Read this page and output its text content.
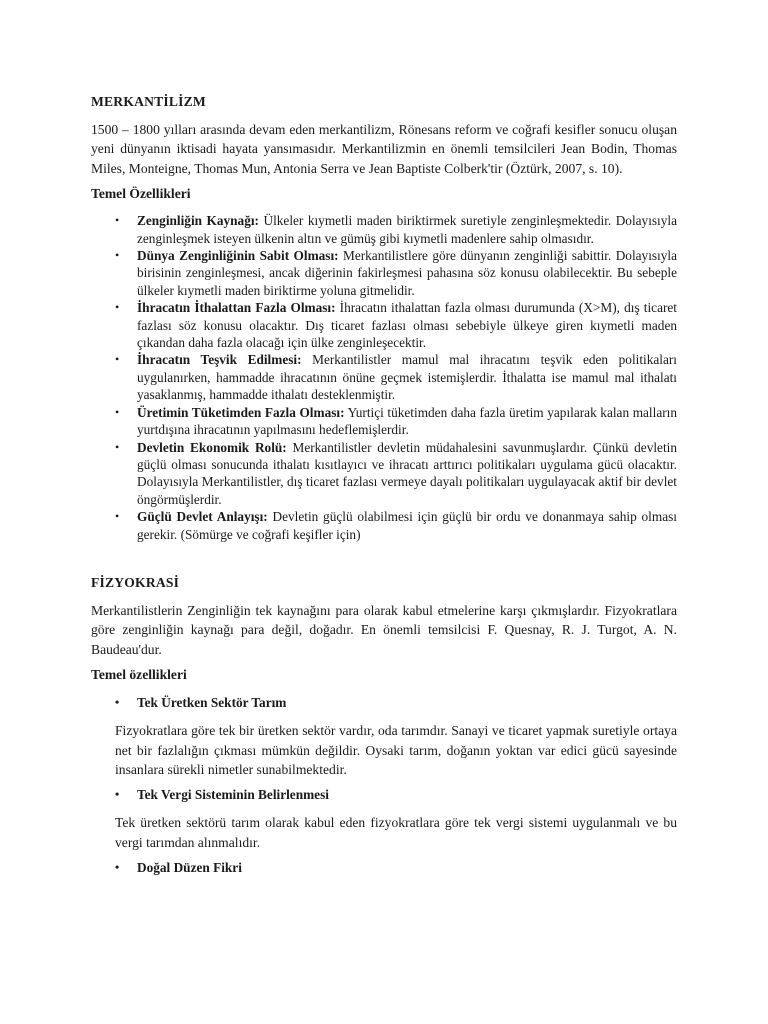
MERKANTİLİZM

1500 – 1800 yılları arasında devam eden merkantilizm, Rönesans reform ve coğrafi kesifler sonucu oluşan yeni dünyanın iktisadi hayata yansımasıdır. Merkantilizmin en önemli temsilcileri Jean Bodin, Thomas Miles, Monteigne, Thomas Mun, Antonia Serra ve Jean Baptiste Colberk'tir (Öztürk, 2007, s. 10).

Temel Özellikleri

• Zenginliğin Kaynağı: Ülkeler kıymetli maden biriktirmek suretiyle zenginleşmektedir. Dolayısıyla zenginleşmek isteyen ülkenin altın ve gümüş gibi kıymetli madenlere sahip olmasıdır.
• Dünya Zenginliğinin Sabit Olması: Merkantilistlere göre dünyanın zenginliği sabittir. Dolayısıyla birisinin zenginleşmesi, ancak diğerinin fakirleşmesi pahasına söz konusu olabilecektir. Bu sebeple ülkeler kıymetli maden biriktirme yoluna gitmelidir.
• İhracatın İthalattan Fazla Olması: İhracatın ithalattan fazla olması durumunda (X>M), dış ticaret fazlası söz konusu olacaktır. Dış ticaret fazlası olması sebebiyle ülkeye giren kıymetli maden çıkandan daha fazla olacağı için ülke zenginleşecektir.
• İhracatın Teşvik Edilmesi: Merkantilistler mamul mal ihracatını teşvik eden politikaları uygulanırken, hammadde ihracatının önüne geçmek istemişlerdir. İthalatta ise mamul mal ithalatı yasaklanmış, hammadde ithalatı desteklenmiştir.
• Üretimin Tüketimden Fazla Olması: Yurtiçi tüketimden daha fazla üretim yapılarak kalan malların yurtdışına ihracatının yapılmasını hedeflemişlerdir.
• Devletin Ekonomik Rolü: Merkantilistler devletin müdahalesini savunmuşlardır. Çünkü devletin güçlü olması sonucunda ithalatı kısıtlayıcı ve ihracatı arttırıcı politikaları uygulama gücü olacaktır. Dolayısıyla Merkantilistler, dış ticaret fazlası vermeye dayalı politikaları uygulayacak aktif bir devlet öngörmüşlerdir.
• Güçlü Devlet Anlayışı: Devletin güçlü olabilmesi için güçlü bir ordu ve donanmaya sahip olması gerekir. (Sömürge ve coğrafi keşifler için)
FİZYOKRASİ

Merkantilistlerin Zenginliğin tek kaynağını para olarak kabul etmelerine karşı çıkmışlardır. Fizyokratlara göre zenginliğin kaynağı para değil, doğadır. En önemli temsilcisi F. Quesnay, R. J. Turgot, A. N. Baudeau'dur.

Temel özellikleri

• Tek Üretken Sektör Tarım

Fizyokratlara göre tek bir üretken sektör vardır, oda tarımdır. Sanayi ve ticaret yapmak suretiyle ortaya net bir fazlalığın çıkması mümkün değildir. Oysaki tarım, doğanın yoktan var edici gücü sayesinde insanlara sürekli nimetler sunabilmektedir.

• Tek Vergi Sisteminin Belirlenmesi

Tek üretken sektörü tarım olarak kabul eden fizyokratlara göre tek vergi sistemi uygulanmalı ve bu vergi tarımdan alınmalıdır.

• Doğal Düzen Fikri
